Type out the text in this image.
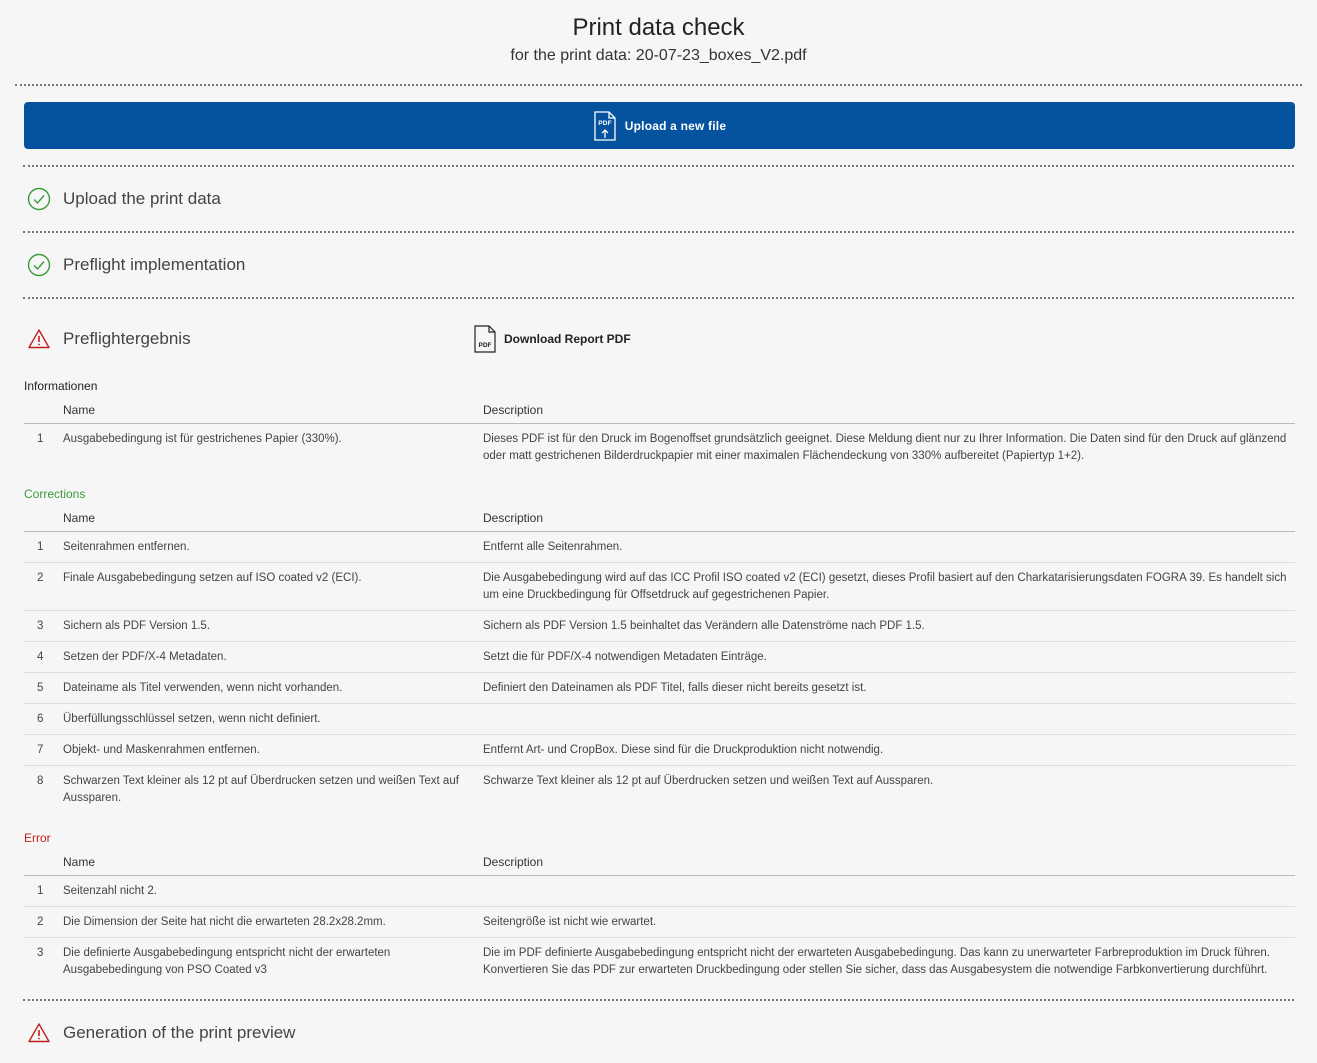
Print data check
for the print data: 20-07-23_boxes_V2.pdf
PDF Upload a new file
Upload the print data
Preflight implementation
Preflightergebnis	PDF Download Report PDF
Informationen
	Name	Description
1	Ausgabebedingung ist für gestrichenes Papier (330%).	Dieses PDF ist für den Druck im Bogenoffset grundsätzlich geeignet. Diese Meldung dient nur zu Ihrer Information. Die Daten sind für den Druck auf glänzend oder matt gestrichenen Bilderdruckpapier mit einer maximalen Flächendeckung von 330% aufbereitet (Papiertyp 1+2).
Corrections
	Name	Description
1	Seitenrahmen entfernen.	Entfernt alle Seitenrahmen.
2	Finale Ausgabebedingung setzen auf ISO coated v2 (ECI).	Die Ausgabebedingung wird auf das ICC Profil ISO coated v2 (ECI) gesetzt, dieses Profil basiert auf den Charkatarisierungsdaten FOGRA 39. Es handelt sich um eine Druckbedingung für Offsetdruck auf gegestrichenen Papier.
3	Sichern als PDF Version 1.5.	Sichern als PDF Version 1.5 beinhaltet das Verändern alle Datenströme nach PDF 1.5.
4	Setzen der PDF/X-4 Metadaten.	Setzt die für PDF/X-4 notwendigen Metadaten Einträge.
5	Dateiname als Titel verwenden, wenn nicht vorhanden.	Definiert den Dateinamen als PDF Titel, falls dieser nicht bereits gesetzt ist.
6	Überfüllungsschlüssel setzen, wenn nicht definiert.	
7	Objekt- und Maskenrahmen entfernen.	Entfernt Art- und CropBox. Diese sind für die Druckproduktion nicht notwendig.
8	Schwarzen Text kleiner als 12 pt auf Überdrucken setzen und weißen Text auf Aussparen.	Schwarze Text kleiner als 12 pt auf Überdrucken setzen und weißen Text auf Aussparen.
Error
	Name	Description
1	Seitenzahl nicht 2.	
2	Die Dimension der Seite hat nicht die erwarteten 28.2x28.2mm.	Seitengröße ist nicht wie erwartet.
3	Die definierte Ausgabebedingung entspricht nicht der erwarteten Ausgabebedingung von PSO Coated v3	Die im PDF definierte Ausgabebedingung entspricht nicht der erwarteten Ausgabebedingung. Das kann zu unerwarteter Farbreproduktion im Druck führen. Konvertieren Sie das PDF zur erwarteten Druckbedingung oder stellen Sie sicher, dass das Ausgabesystem die notwendige Farbkonvertierung durchführt.
Generation of the print preview
